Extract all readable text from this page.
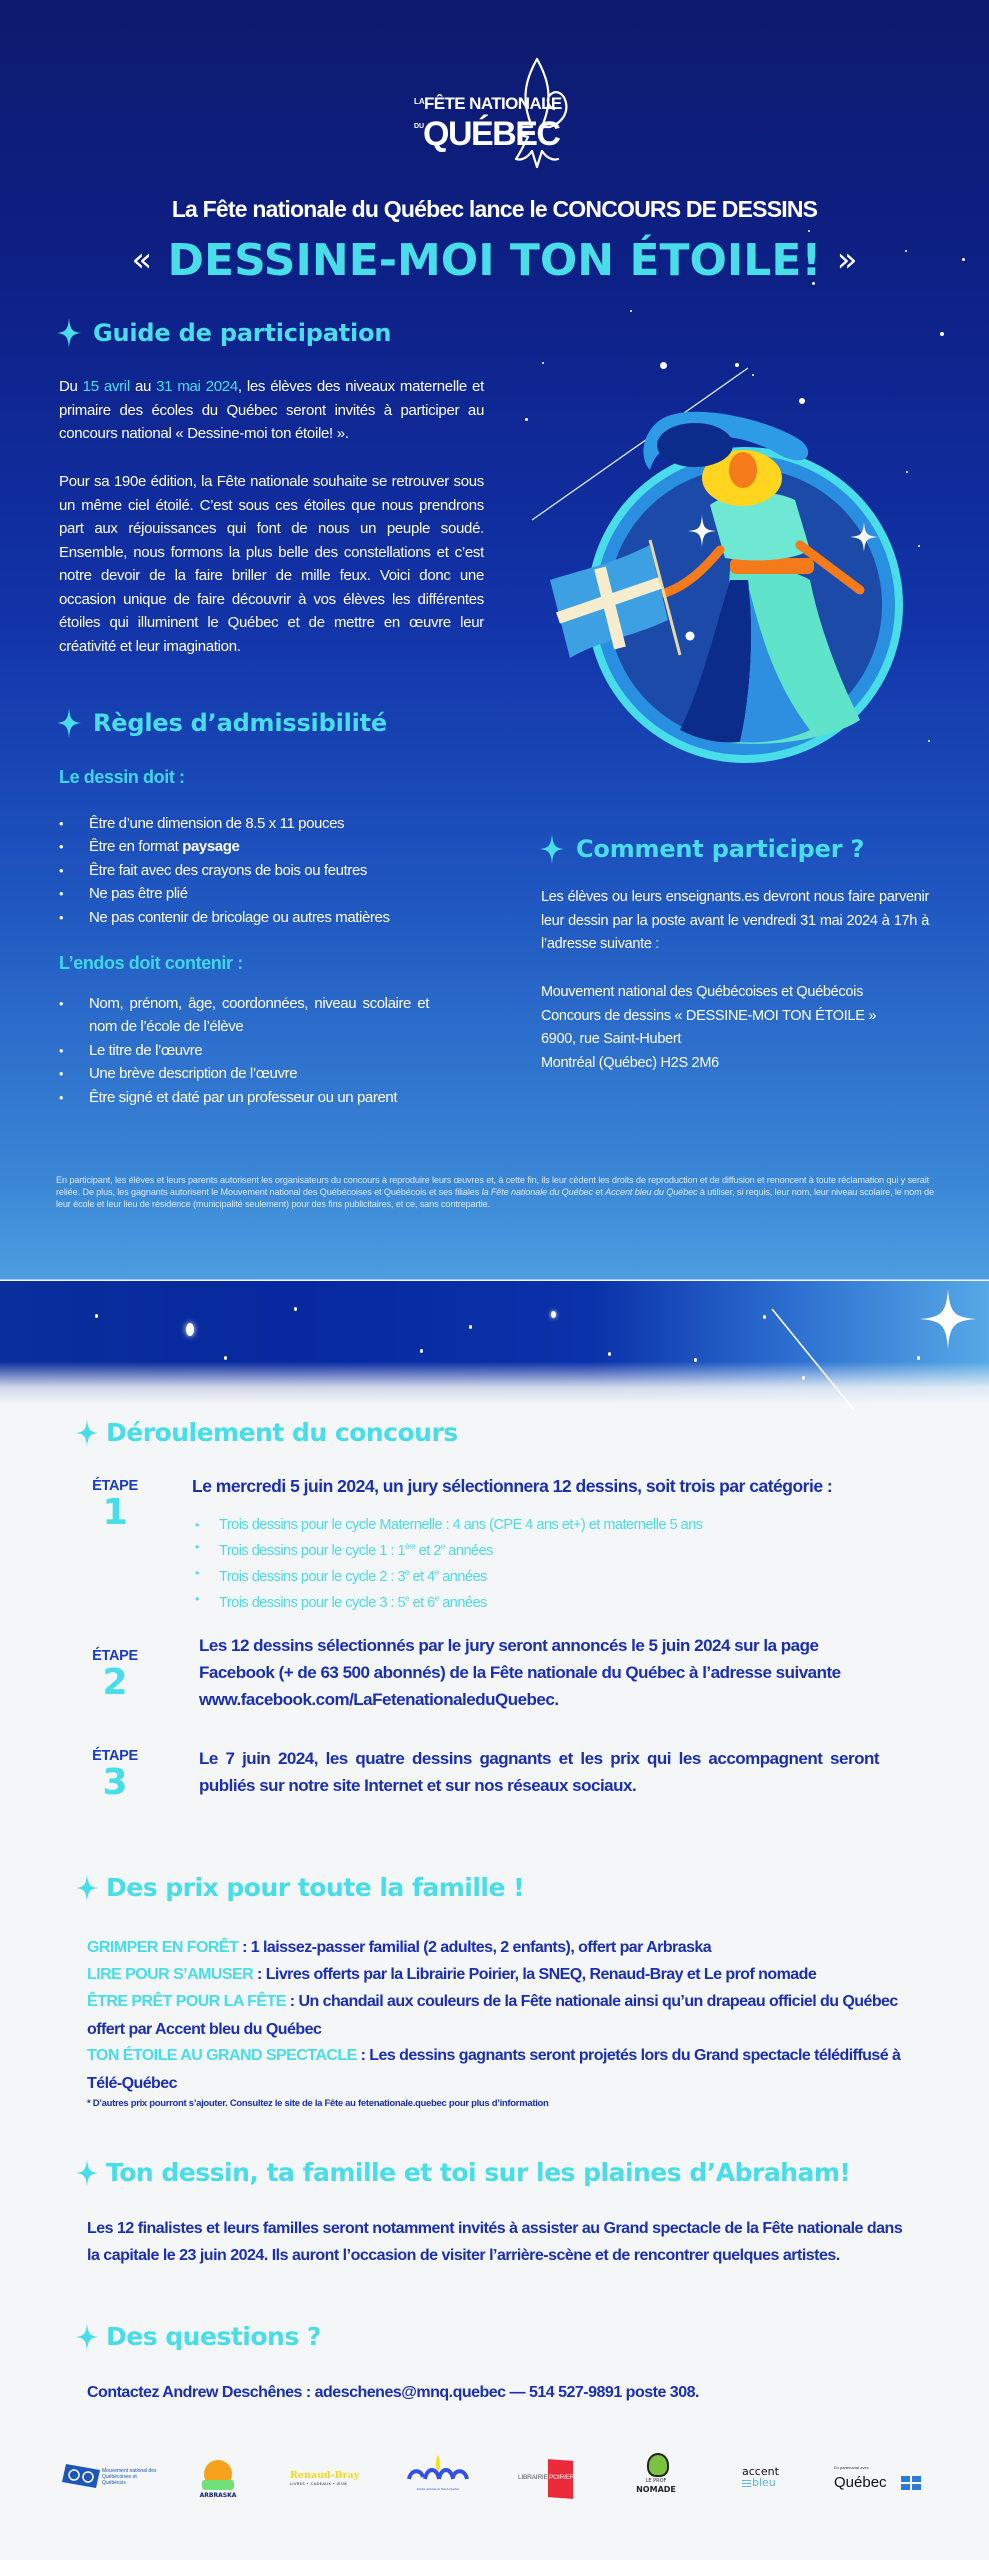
LA FÊTE NATIONALE
DU
QUÉBEC
La Fête nationale du Québec lance le CONCOURS DE DESSINS
« DESSINE-MOI TON ÉTOILE! »
Guide de participation
Du 15 avril au 31 mai 2024, les élèves des niveaux maternelle et primaire des écoles du Québec seront invités à participer au concours national « Dessine-moi ton étoile! ».
Pour sa 190e édition, la Fête nationale souhaite se retrouver sous un même ciel étoilé. C’est sous ces étoiles que nous prendrons part aux réjouissances qui font de nous un peuple soudé. Ensemble, nous formons la plus belle des constellations et c’est notre devoir de la faire briller de mille feux. Voici donc une occasion unique de faire découvrir à vos élèves les différentes étoiles qui illuminent le Québec et de mettre en œuvre leur créativité et leur imagination.
Règles d’admissibilité
Le dessin doit :
• Être d’une dimension de 8.5 x 11 pouces
• Être en format paysage
• Être fait avec des crayons de bois ou feutres
• Ne pas être plié
• Ne pas contenir de bricolage ou autres matières
L’endos doit contenir :
• Nom, prénom, âge, coordonnées, niveau scolaire et nom de l’école de l’élève
• Le titre de l’œuvre
• Une brève description de l’œuvre
• Être signé et daté par un professeur ou un parent
Comment participer ?
Les élèves ou leurs enseignants.es devront nous faire parvenir leur dessin par la poste avant le vendredi 31 mai 2024 à 17h à l’adresse suivante :
Mouvement national des Québécoises et Québécois
Concours de dessins « DESSINE-MOI TON ÉTOILE »
6900, rue Saint-Hubert
Montréal (Québec) H2S 2M6
En participant, les élèves et leurs parents autorisent les organisateurs du concours à reproduire leurs œuvres et, à cette fin, ils leur cèdent les droits de reproduction et de diffusion et renoncent à toute réclamation qui y serait reliée. De plus, les gagnants autorisent le Mouvement national des Québécoises et Québécois et ses filiales la Fête nationale du Québec et Accent bleu du Québec à utiliser, si requis, leur nom, leur niveau scolaire, le nom de leur école et leur lieu de résidence (municipalité seulement) pour des fins publicitaires, et ce, sans contrepartie.
Déroulement du concours
ÉTAPE
1
Le mercredi 5 juin 2024, un jury sélectionnera 12 dessins, soit trois par catégorie :
• Trois dessins pour le cycle Maternelle : 4 ans (CPE 4 ans et+) et maternelle 5 ans
• Trois dessins pour le cycle 1 : 1ère et 2e années
• Trois dessins pour le cycle 2 : 3e et 4e années
• Trois dessins pour le cycle 3 : 5e et 6e années
ÉTAPE
2
Les 12 dessins sélectionnés par le jury seront annoncés le 5 juin 2024 sur la page Facebook (+ de 63 500 abonnés) de la Fête nationale du Québec à l’adresse suivante www.facebook.com/LaFetenationaleduQuebec.
ÉTAPE
3
Le 7 juin 2024, les quatre dessins gagnants et les prix qui les accompagnent seront publiés sur notre site Internet et sur nos réseaux sociaux.
Des prix pour toute la famille !
GRIMPER EN FORÊT : 1 laissez-passer familial (2 adultes, 2 enfants), offert par Arbraska
LIRE POUR S’AMUSER : Livres offerts par la Librairie Poirier, la SNEQ, Renaud-Bray et Le prof nomade
ÊTRE PRÊT POUR LA FÊTE : Un chandail aux couleurs de la Fête nationale ainsi qu’un drapeau officiel du Québec offert par Accent bleu du Québec
TON ÉTOILE AU GRAND SPECTACLE : Les dessins gagnants seront projetés lors du Grand spectacle télédiffusé à Télé-Québec
* D’autres prix pourront s’ajouter. Consultez le site de la Fête au fetenationale.quebec pour plus d’information
Ton dessin, ta famille et toi sur les plaines d’Abraham!
Les 12 finalistes et leurs familles seront notamment invités à assister au Grand spectacle de la Fête nationale dans la capitale le 23 juin 2024. Ils auront l’occasion de visiter l’arrière-scène et de rencontrer quelques artistes.
Des questions ?
Contactez Andrew Deschênes : adeschenes@mnq.quebec — 514 527-9891 poste 308.
Mouvement national des Québécoises et Québécois
ARBRASKA
Renaud-Bray
LIVRES • CADEAUX • JEUX
Société nationale de l’Est du Québec
LIBRAIRIE POIRIER	LE PROF
NOMADE
accent
bleu
En partenariat avec :
Québec
